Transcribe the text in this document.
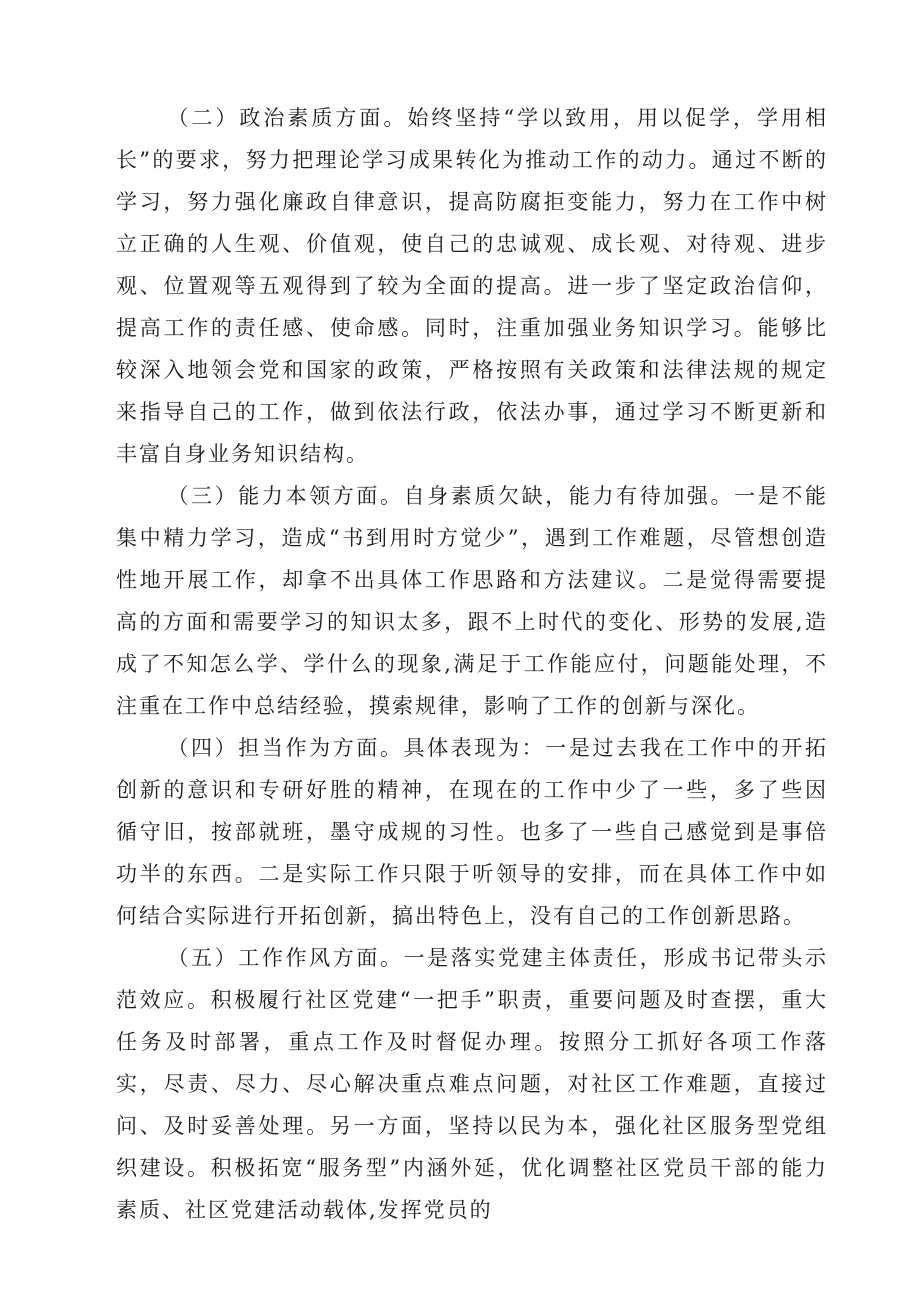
（二）政治素质方面。始终坚持“学以致用，用以促学，学用相长”的要求，努力把理论学习成果转化为推动工作的动力。通过不断的学习，努力强化廉政自律意识，提高防腐拒变能力，努力在工作中树立正确的人生观、价值观，使自己的忠诚观、成长观、对待观、进步观、位置观等五观得到了较为全面的提高。进一步了坚定政治信仰，提高工作的责任感、使命感。同时，注重加强业务知识学习。能够比较深入地领会党和国家的政策，严格按照有关政策和法律法规的规定来指导自己的工作，做到依法行政，依法办事，通过学习不断更新和丰富自身业务知识结构。

（三）能力本领方面。自身素质欠缺，能力有待加强。一是不能集中精力学习，造成“书到用时方觉少”，遇到工作难题，尽管想创造性地开展工作，却拿不出具体工作思路和方法建议。二是觉得需要提高的方面和需要学习的知识太多，跟不上时代的变化、形势的发展,造成了不知怎么学、学什么的现象,满足于工作能应付，问题能处理，不注重在工作中总结经验，摸索规律，影响了工作的创新与深化。

（四）担当作为方面。具体表现为：一是过去我在工作中的开拓创新的意识和专研好胜的精神，在现在的工作中少了一些，多了些因循守旧，按部就班，墨守成规的习性。也多了一些自己感觉到是事倍功半的东西。二是实际工作只限于听领导的安排，而在具体工作中如何结合实际进行开拓创新，搞出特色上，没有自己的工作创新思路。

（五）工作作风方面。一是落实党建主体责任，形成书记带头示范效应。积极履行社区党建“一把手”职责，重要问题及时查摆，重大任务及时部署，重点工作及时督促办理。按照分工抓好各项工作落实，尽责、尽力、尽心解决重点难点问题，对社区工作难题，直接过问、及时妥善处理。另一方面，坚持以民为本，强化社区服务型党组织建设。积极拓宽“服务型”内涵外延，优化调整社区党员干部的能力素质、社区党建活动载体,发挥党员的
